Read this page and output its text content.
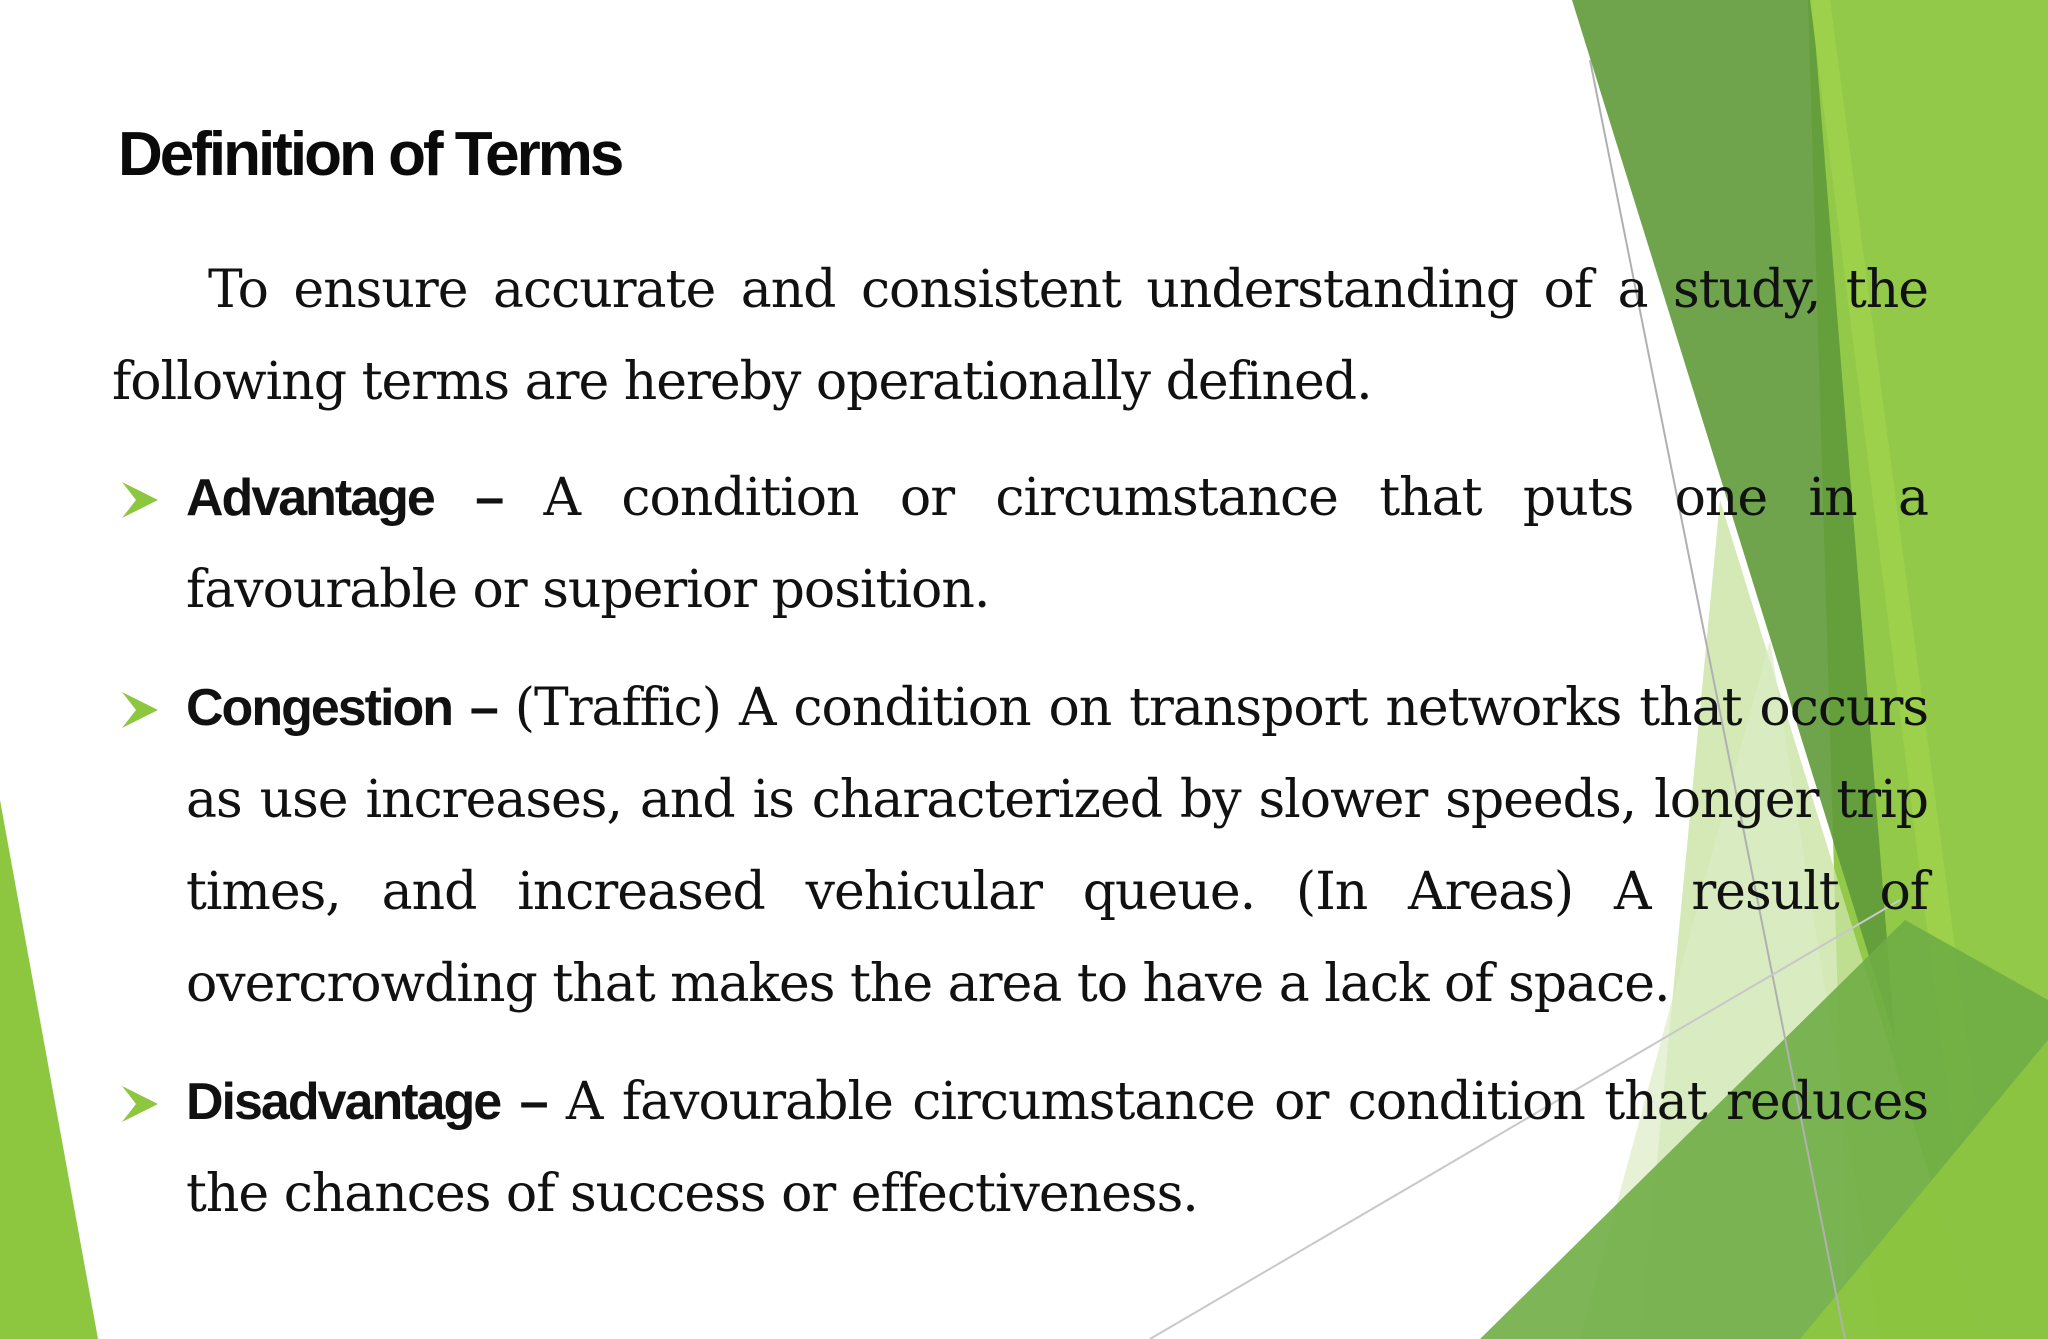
Definition of Terms

To ensure accurate and consistent understanding of a study, the following terms are hereby operationally defined.

Advantage – A condition or circumstance that puts one in a favourable or superior position.
Congestion – (Traffic) A condition on transport networks that occurs as use increases, and is characterized by slower speeds, longer trip times, and increased vehicular queue. (In Areas) A result of overcrowding that makes the area to have a lack of space.
Disadvantage – A favourable circumstance or condition that reduces the chances of success or effectiveness.
